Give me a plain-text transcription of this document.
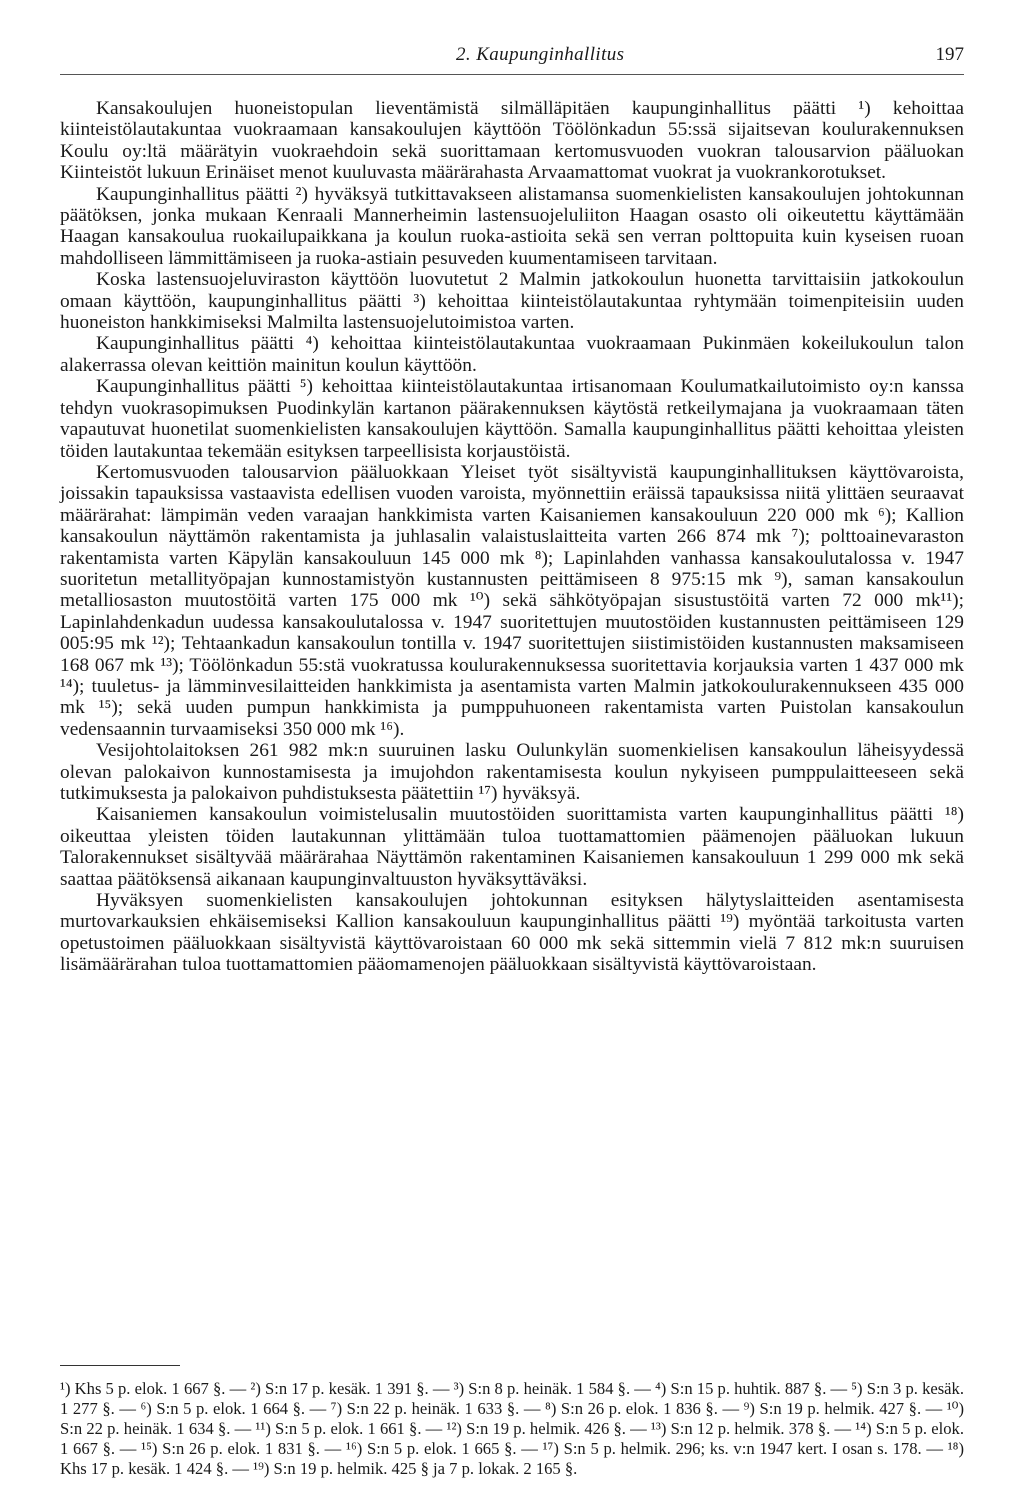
2. Kaupunginhallitus	197

Kansakoulujen huoneistopulan lieventämistä silmälläpitäen kaupunginhallitus päätti ¹) kehoittaa kiinteistölautakuntaa vuokraamaan kansakoulujen käyttöön Töölönkadun 55:ssä sijaitsevan koulurakennuksen Koulu oy:ltä määrätyin vuokraehdoin sekä suorittamaan kertomusvuoden vuokran talousarvion pääluokan Kiinteistöt lukuun Erinäiset menot kuuluvasta määrärahasta Arvaamattomat vuokrat ja vuokrankorotukset.

Kaupunginhallitus päätti ²) hyväksyä tutkittavakseen alistamansa suomenkielisten kansakoulujen johtokunnan päätöksen, jonka mukaan Kenraali Mannerheimin lastensuojeluliiton Haagan osasto oli oikeutettu käyttämään Haagan kansakoulua ruokailupaikkana ja koulun ruoka-astioita sekä sen verran polttopuita kuin kyseisen ruoan mahdolliseen lämmittämiseen ja ruoka-astiain pesuveden kuumentamiseen tarvitaan.

Koska lastensuojeluviraston käyttöön luovutetut 2 Malmin jatkokoulun huonetta tarvittaisiin jatkokoulun omaan käyttöön, kaupunginhallitus päätti ³) kehoittaa kiinteistölautakuntaa ryhtymään toimenpiteisiin uuden huoneiston hankkimiseksi Malmilta lastensuojelutoimistoa varten.

Kaupunginhallitus päätti ⁴) kehoittaa kiinteistölautakuntaa vuokraamaan Pukinmäen kokeilukoulun talon alakerrassa olevan keittiön mainitun koulun käyttöön.

Kaupunginhallitus päätti ⁵) kehoittaa kiinteistölautakuntaa irtisanomaan Koulumatkailutoimisto oy:n kanssa tehdyn vuokrasopimuksen Puodinkylän kartanon päärakennuksen käytöstä retkeilymajana ja vuokraamaan täten vapautuvat huonetilat suomenkielisten kansakoulujen käyttöön. Samalla kaupunginhallitus päätti kehoittaa yleisten töiden lautakuntaa tekemään esityksen tarpeellisista korjaustöistä.

Kertomusvuoden talousarvion pääluokkaan Yleiset työt sisältyvistä kaupunginhallituksen käyttövaroista, joissakin tapauksissa vastaavista edellisen vuoden varoista, myönnettiin eräissä tapauksissa niitä ylittäen seuraavat määrärahat: lämpimän veden varaajan hankkimista varten Kaisaniemen kansakouluun 220 000 mk ⁶); Kallion kansakoulun näyttämön rakentamista ja juhlasalin valaistuslaitteita varten 266 874 mk ⁷); polttoainevaraston rakentamista varten Käpylän kansakouluun 145 000 mk ⁸); Lapinlahden vanhassa kansakoulutalossa v. 1947 suoritetun metallityöpajan kunnostamistyön kustannusten peittämiseen 8 975:15 mk ⁹), saman kansakoulun metalliosaston muutostöitä varten 175 000 mk ¹⁰) sekä sähkötyöpajan sisustustöitä varten 72 000 mk¹¹); Lapinlahdenkadun uudessa kansakoulutalossa v. 1947 suoritettujen muutostöiden kustannusten peittämiseen 129 005:95 mk ¹²); Tehtaankadun kansakoulun tontilla v. 1947 suoritettujen siistimistöiden kustannusten maksamiseen 168 067 mk ¹³); Töölönkadun 55:stä vuokratussa koulurakennuksessa suoritettavia korjauksia varten 1 437 000 mk ¹⁴); tuuletus- ja lämminvesilaitteiden hankkimista ja asentamista varten Malmin jatkokoulurakennukseen 435 000 mk ¹⁵); sekä uuden pumpun hankkimista ja pumppuhuoneen rakentamista varten Puistolan kansakoulun vedensaannin turvaamiseksi 350 000 mk ¹⁶).

Vesijohtolaitoksen 261 982 mk:n suuruinen lasku Oulunkylän suomenkielisen kansakoulun läheisyydessä olevan palokaivon kunnostamisesta ja imujohdon rakentamisesta koulun nykyiseen pumppulaitteeseen sekä tutkimuksesta ja palokaivon puhdistuksesta päätettiin ¹⁷) hyväksyä.

Kaisaniemen kansakoulun voimistelusalin muutostöiden suorittamista varten kaupunginhallitus päätti ¹⁸) oikeuttaa yleisten töiden lautakunnan ylittämään tuloa tuottamattomien päämenojen pääluokan lukuun Talorakennukset sisältyvää määrärahaa Näyttämön rakentaminen Kaisaniemen kansakouluun 1 299 000 mk sekä saattaa päätöksensä aikanaan kaupunginvaltuuston hyväksyttäväksi.

Hyväksyen suomenkielisten kansakoulujen johtokunnan esityksen hälytyslaitteiden asentamisesta murtovarkauksien ehkäisemiseksi Kallion kansakouluun kaupunginhallitus päätti ¹⁹) myöntää tarkoitusta varten opetustoimen pääluokkaan sisältyvistä käyttövaroistaan 60 000 mk sekä sittemmin vielä 7 812 mk:n suuruisen lisämäärärahan tuloa tuottamattomien pääomamenojen pääluokkaan sisältyvistä käyttövaroistaan.

¹) Khs 5 p. elok. 1 667 §. — ²) S:n 17 p. kesäk. 1 391 §. — ³) S:n 8 p. heinäk. 1 584 §. — ⁴) S:n 15 p. huhtik. 887 §. — ⁵) S:n 3 p. kesäk. 1 277 §. — ⁶) S:n 5 p. elok. 1 664 §. — ⁷) S:n 22 p. heinäk. 1 633 §. — ⁸) S:n 26 p. elok. 1 836 §. — ⁹) S:n 19 p. helmik. 427 §. — ¹⁰) S:n 22 p. heinäk. 1 634 §. — ¹¹) S:n 5 p. elok. 1 661 §. — ¹²) S:n 19 p. helmik. 426 §. — ¹³) S:n 12 p. helmik. 378 §. — ¹⁴) S:n 5 p. elok. 1 667 §. — ¹⁵) S:n 26 p. elok. 1 831 §. — ¹⁶) S:n 5 p. elok. 1 665 §. — ¹⁷) S:n 5 p. helmik. 296; ks. v:n 1947 kert. I osan s. 178. — ¹⁸) Khs 17 p. kesäk. 1 424 §. — ¹⁹) S:n 19 p. helmik. 425 § ja 7 p. lokak. 2 165 §.
